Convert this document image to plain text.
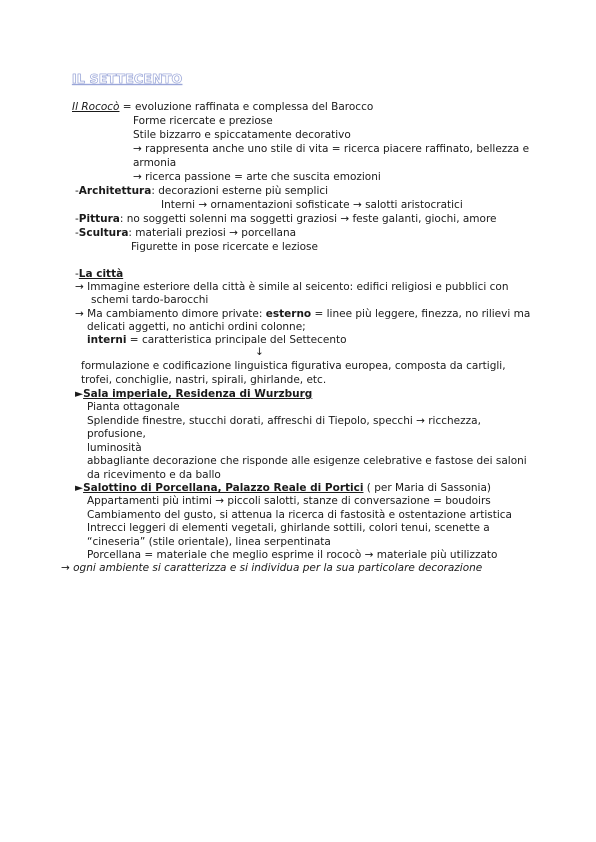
IL SETTECENTO
Il Rococò = evoluzione raffinata e complessa del Barocco
Forme ricercate e preziose
Stile bizzarro e spiccatamente decorativo
→ rappresenta anche uno stile di vita = ricerca piacere raffinato, bellezza e
armonia
→ ricerca passione = arte che suscita emozioni
-Architettura: decorazioni esterne più semplici
Interni → ornamentazioni sofisticate → salotti aristocratici
-Pittura: no soggetti solenni ma soggetti graziosi → feste galanti, giochi, amore
-Scultura: materiali preziosi → porcellana
Figurette in pose ricercate e leziose
-La città
→ Immagine esteriore della città è simile al seicento: edifici religiosi e pubblici con
schemi tardo-barocchi
→ Ma cambiamento dimore private: esterno = linee più leggere, finezza, no rilievi ma
delicati aggetti, no antichi ordini colonne;
interni = caratteristica principale del Settecento
↓
formulazione e codificazione linguistica figurativa europea, composta da cartigli,
trofei, conchiglie, nastri, spirali, ghirlande, etc.
►Sala imperiale, Residenza di Wurzburg
Pianta ottagonale
Splendide finestre, stucchi dorati, affreschi di Tiepolo, specchi → ricchezza,
profusione,
luminosità
abbagliante decorazione che risponde alle esigenze celebrative e fastose dei saloni
da ricevimento e da ballo
►Salottino di Porcellana, Palazzo Reale di Portici ( per Maria di Sassonia)
Appartamenti più intimi → piccoli salotti, stanze di conversazione = boudoirs
Cambiamento del gusto, si attenua la ricerca di fastosità e ostentazione artistica
Intrecci leggeri di elementi vegetali, ghirlande sottili, colori tenui, scenette a
“cineseria” (stile orientale), linea serpentinata
Porcellana = materiale che meglio esprime il rococò → materiale più utilizzato
→ ogni ambiente si caratterizza e si individua per la sua particolare decorazione
